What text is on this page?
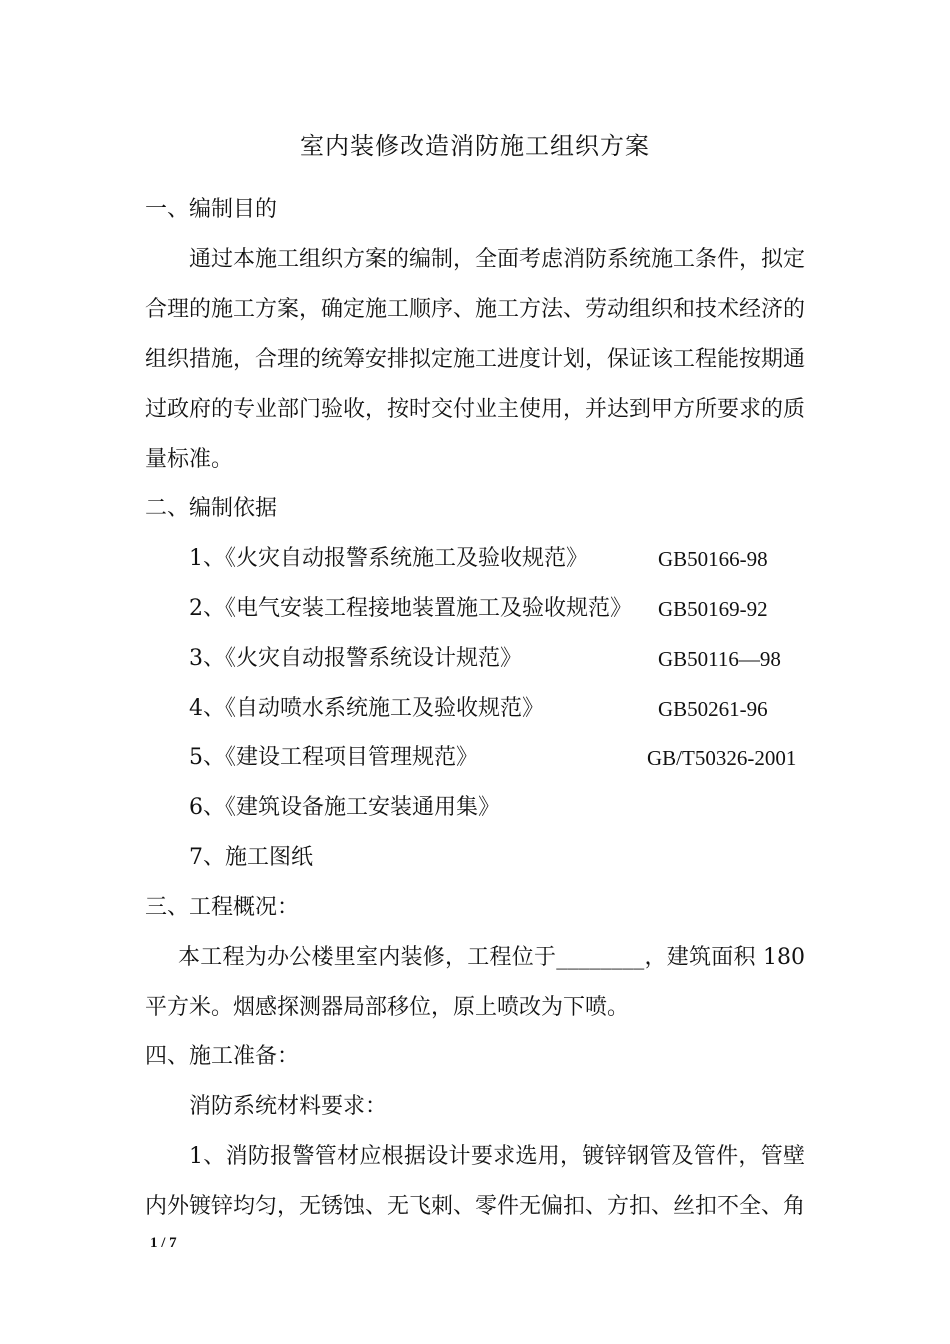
室内装修改造消防施工组织方案
一、编制目的
通过本施工组织方案的编制，全面考虑消防系统施工条件，拟定
合理的施工方案，确定施工顺序、施工方法、劳动组织和技术经济的
组织措施，合理的统筹安排拟定施工进度计划，保证该工程能按期通
过政府的专业部门验收，按时交付业主使用，并达到甲方所要求的质
量标准。
二、编制依据
1、《火灾自动报警系统施工及验收规范》	GB50166-98
2、《电气安装工程接地装置施工及验收规范》 GB50169-92
3、《火灾自动报警系统设计规范》	GB50116—98
4、《自动喷水系统施工及验收规范》	GB50261-96
5、《建设工程项目管理规范》	GB/T50326-2001
6、《建筑设备施工安装通用集》
7、施工图纸
三、工程概况：
本工程为办公楼里室内装修，工程位于________，建筑面积 180
平方米。烟感探测器局部移位，原上喷改为下喷。
四、施工准备：
消防系统材料要求：
1、消防报警管材应根据设计要求选用，镀锌钢管及管件，管壁
内外镀锌均匀，无锈蚀、无飞刺、零件无偏扣、方扣、丝扣不全、角
1 / 7
